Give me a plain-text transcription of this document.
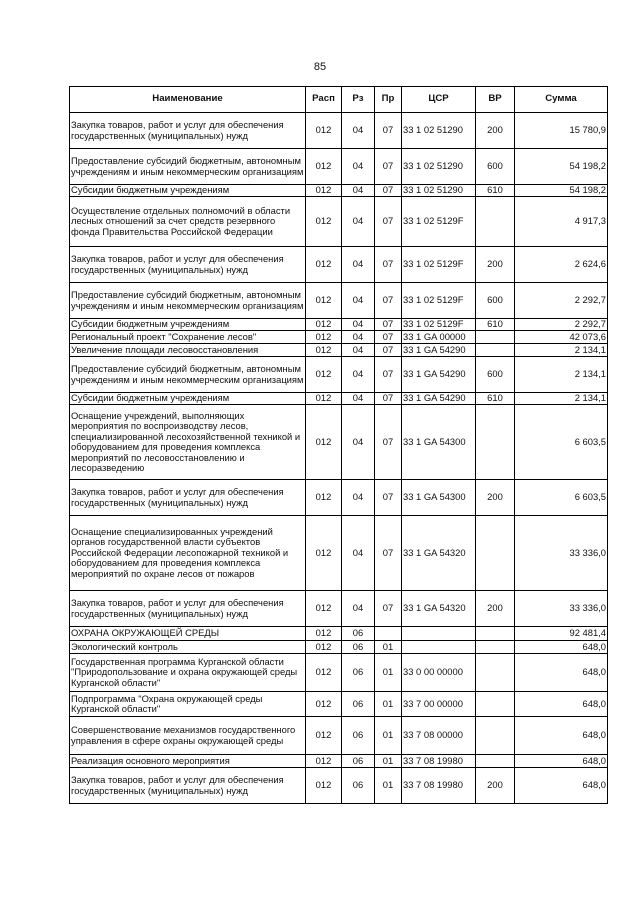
85
Наименование	Расп	Рз	Пр	ЦСР	ВР	Сумма
Закупка товаров, работ и услуг для обеспечения государственных (муниципальных) нужд	012	04	07	33 1 02 51290	200	15 780,9
Предоставление субсидий бюджетным, автономным учреждениям и иным некоммерческим организациям	012	04	07	33 1 02 51290	600	54 198,2
Субсидии бюджетным учреждениям	012	04	07	33 1 02 51290	610	54 198,2
Осуществление отдельных полномочий в области лесных отношений за счет средств резервного фонда Правительства Российской Федерации	012	04	07	33 1 02 5129F		4 917,3
Закупка товаров, работ и услуг для обеспечения государственных (муниципальных) нужд	012	04	07	33 1 02 5129F	200	2 624,6
Предоставление субсидий бюджетным, автономным учреждениям и иным некоммерческим организациям	012	04	07	33 1 02 5129F	600	2 292,7
Субсидии бюджетным учреждениям	012	04	07	33 1 02 5129F	610	2 292,7
Региональный проект "Сохранение лесов"	012	04	07	33 1 GA 00000		42 073,6
Увеличение площади лесовосстановления	012	04	07	33 1 GA 54290		2 134,1
Предоставление субсидий бюджетным, автономным учреждениям и иным некоммерческим организациям	012	04	07	33 1 GA 54290	600	2 134,1
Субсидии бюджетным учреждениям	012	04	07	33 1 GA 54290	610	2 134,1
Оснащение учреждений, выполняющих мероприятия по воспроизводству лесов, специализированной лесохозяйственной техникой и оборудованием для проведения комплекса мероприятий по лесовосстановлению и лесоразведению	012	04	07	33 1 GA 54300		6 603,5
Закупка товаров, работ и услуг для обеспечения государственных (муниципальных) нужд	012	04	07	33 1 GA 54300	200	6 603,5
Оснащение специализированных учреждений органов государственной власти субъектов Российской Федерации лесопожарной техникой и оборудованием для проведения комплекса мероприятий по охране лесов от пожаров	012	04	07	33 1 GA 54320		33 336,0
Закупка товаров, работ и услуг для обеспечения государственных (муниципальных) нужд	012	04	07	33 1 GA 54320	200	33 336,0
ОХРАНА ОКРУЖАЮЩЕЙ СРЕДЫ	012	06				92 481,4
Экологический контроль	012	06	01			648,0
Государственная программа Курганской области "Природопользование и охрана окружающей среды Курганской области"	012	06	01	33 0 00 00000		648,0
Подпрограмма "Охрана окружающей среды Курганской области"	012	06	01	33 7 00 00000		648,0
Совершенствование механизмов государственного управления в сфере охраны окружающей среды	012	06	01	33 7 08 00000		648,0
Реализация основного мероприятия	012	06	01	33 7 08 19980		648,0
Закупка товаров, работ и услуг для обеспечения государственных (муниципальных) нужд	012	06	01	33 7 08 19980	200	648,0
